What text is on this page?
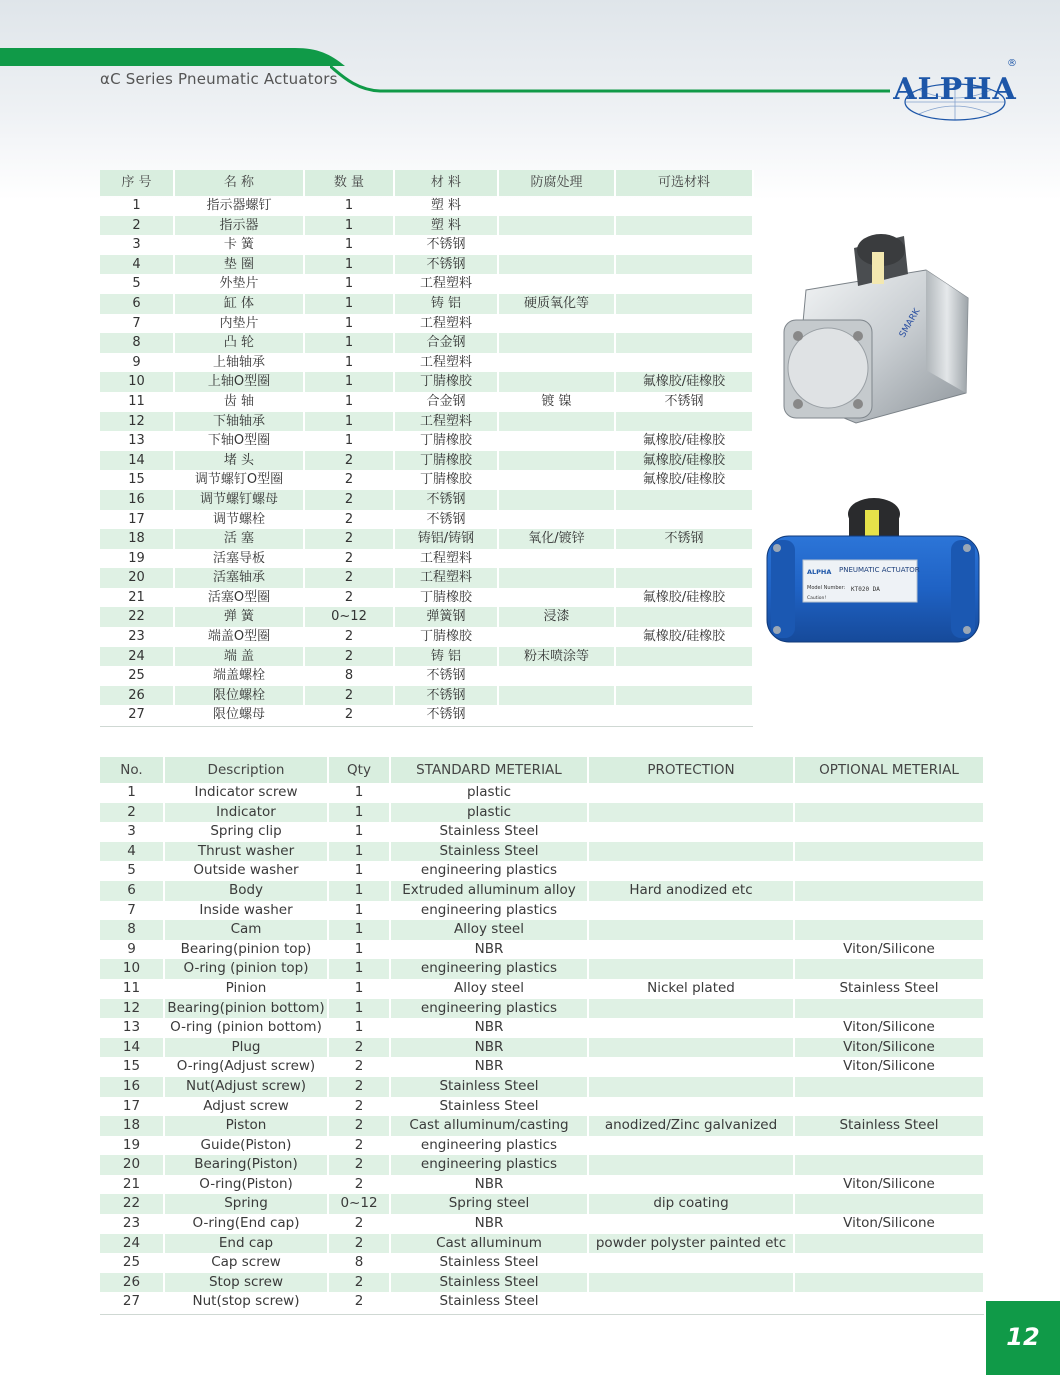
αC Series Pneumatic Actuators	ALPHA
®
序 号	名 称	数 量	材 料	防腐处理	可选材料
1	指示器螺钉	1	塑 料		
2	指示器	1	塑 料		
3	卡 簧	1	不锈钢		
4	垫 圈	1	不锈钢		
5	外垫片	1	工程塑料		
6	缸 体	1	铸 铝	硬质氧化等	
7	内垫片	1	工程塑料		
8	凸 轮	1	合金钢		
9	上轴轴承	1	工程塑料		
10	上轴O型圈	1	丁腈橡胶		氟橡胶/硅橡胶
11	齿 轴	1	合金钢	镀 镍	不锈钢
12	下轴轴承	1	工程塑料		
13	下轴O型圈	1	丁腈橡胶		氟橡胶/硅橡胶
14	堵 头	2	丁腈橡胶		氟橡胶/硅橡胶
15	调节螺钉O型圈	2	丁腈橡胶		氟橡胶/硅橡胶
16	调节螺钉螺母	2	不锈钢		
17	调节螺栓	2	不锈钢		
18	活 塞	2	铸铝/铸钢	氧化/镀锌	不锈钢
19	活塞导板	2	工程塑料		
20	活塞轴承	2	工程塑料		
21	活塞O型圈	2	丁腈橡胶		氟橡胶/硅橡胶
22	弹 簧	0~12	弹簧钢	浸漆	
23	端盖O型圈	2	丁腈橡胶		氟橡胶/硅橡胶
24	端 盖	2	铸 铝	粉末喷涂等	
25	端盖螺栓	8	不锈钢		
26	限位螺栓	2	不锈钢		
27	限位螺母	2	不锈钢		
No.	Description	Qty	STANDARD METERIAL	PROTECTION	OPTIONAL METERIAL
1	Indicator screw	1	plastic		
2	Indicator	1	plastic		
3	Spring clip	1	Stainless Steel		
4	Thrust washer	1	Stainless Steel		
5	Outside washer	1	engineering plastics		
6	Body	1	Extruded alluminum alloy	Hard anodized etc	
7	Inside washer	1	engineering plastics		
8	Cam	1	Alloy steel		
9	Bearing(pinion top)	1	NBR		Viton/Silicone
10	O-ring (pinion top)	1	engineering plastics		
11	Pinion	1	Alloy steel	Nickel plated	Stainless Steel
12	Bearing(pinion bottom)	1	engineering plastics		
13	O-ring (pinion bottom)	1	NBR		Viton/Silicone
14	Plug	2	NBR		Viton/Silicone
15	O-ring(Adjust screw)	2	NBR		Viton/Silicone
16	Nut(Adjust screw)	2	Stainless Steel		
17	Adjust screw	2	Stainless Steel		
18	Piston	2	Cast alluminum/casting	anodized/Zinc galvanized	Stainless Steel
19	Guide(Piston)	2	engineering plastics		
20	Bearing(Piston)	2	engineering plastics		
21	O-ring(Piston)	2	NBR		Viton/Silicone
22	Spring	0~12	Spring steel	dip coating	
23	O-ring(End cap)	2	NBR		Viton/Silicone
24	End cap	2	Cast alluminum	powder polyster painted etc	
25	Cap screw	8	Stainless Steel		
26	Stop screw	2	Stainless Steel		
27	Nut(stop screw)	2	Stainless Steel		
SMARK
ALPHA PNEUMATIC ACTUATOR
Model Number: KT020 DA
Caution!
12
